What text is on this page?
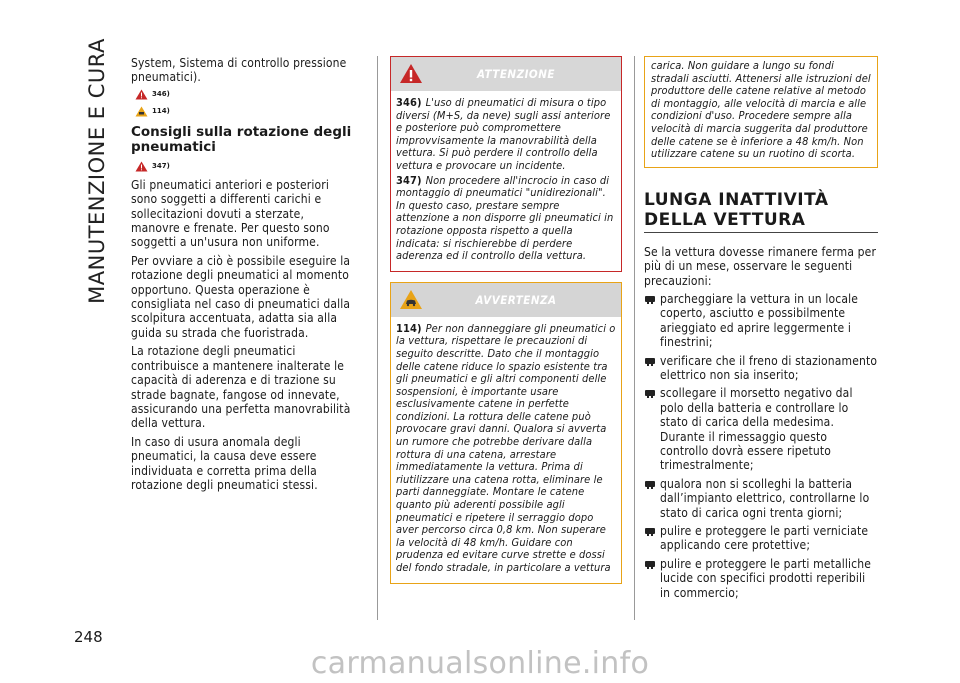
MANUTENZIONE E CURA
248

System, Sistema di controllo pressione pneumatici).

346)
114)
Consigli sulla rotazione degli pneumatici
347)

Gli pneumatici anteriori e posteriori sono soggetti a differenti carichi e sollecitazioni dovuti a sterzate, manovre e frenate. Per questo sono soggetti a un'usura non uniforme.

Per ovviare a ciò è possibile eseguire la rotazione degli pneumatici al momento opportuno. Questa operazione è consigliata nel caso di pneumatici dalla scolpitura accentuata, adatta sia alla guida su strada che fuoristrada.

La rotazione degli pneumatici contribuisce a mantenere inalterate le capacità di aderenza e di trazione su strade bagnate, fangose od innevate, assicurando una perfetta manovrabilità della vettura.

In caso di usura anomala degli pneumatici, la causa deve essere individuata e corretta prima della rotazione degli pneumatici stessi.

ATTENZIONE

346) L'uso di pneumatici di misura o tipo diversi (M+S, da neve) sugli assi anteriore e posteriore può compromettere improvvisamente la manovrabilità della vettura. Si può perdere il controllo della vettura e provocare un incidente.

347) Non procedere all'incrocio in caso di montaggio di pneumatici "unidirezionali". In questo caso, prestare sempre attenzione a non disporre gli pneumatici in rotazione opposta rispetto a quella indicata: si rischierebbe di perdere aderenza ed il controllo della vettura.

AVVERTENZA

114) Per non danneggiare gli pneumatici o la vettura, rispettare le precauzioni di seguito descritte. Dato che il montaggio delle catene riduce lo spazio esistente tra gli pneumatici e gli altri componenti delle sospensioni, è importante usare esclusivamente catene in perfette condizioni. La rottura delle catene può provocare gravi danni. Qualora si avverta un rumore che potrebbe derivare dalla rottura di una catena, arrestare immediatamente la vettura. Prima di riutilizzare una catena rotta, eliminare le parti danneggiate. Montare le catene quanto più aderenti possibile agli pneumatici e ripetere il serraggio dopo aver percorso circa 0,8 km. Non superare la velocità di 48 km/h. Guidare con prudenza ed evitare curve strette e dossi del fondo stradale, in particolare a vettura

carica. Non guidare a lungo su fondi stradali asciutti. Attenersi alle istruzioni del produttore delle catene relative al metodo di montaggio, alle velocità di marcia e alle condizioni d'uso. Procedere sempre alla velocità di marcia suggerita dal produttore delle catene se è inferiore a 48 km/h. Non utilizzare catene su un ruotino di scorta.

LUNGA INATTIVITÀ DELLA VETTURA

Se la vettura dovesse rimanere ferma per più di un mese, osservare le seguenti precauzioni:

parcheggiare la vettura in un locale coperto, asciutto e possibilmente arieggiato ed aprire leggermente i finestrini;

verificare che il freno di stazionamento elettrico non sia inserito;

scollegare il morsetto negativo dal polo della batteria e controllare lo stato di carica della medesima. Durante il rimessaggio questo controllo dovrà essere ripetuto trimestralmente;

qualora non si scolleghi la batteria dall’impianto elettrico, controllarne lo stato di carica ogni trenta giorni;

pulire e proteggere le parti verniciate applicando cere protettive;

pulire e proteggere le parti metalliche lucide con specifici prodotti reperibili in commercio;

carmanualsonline.info
